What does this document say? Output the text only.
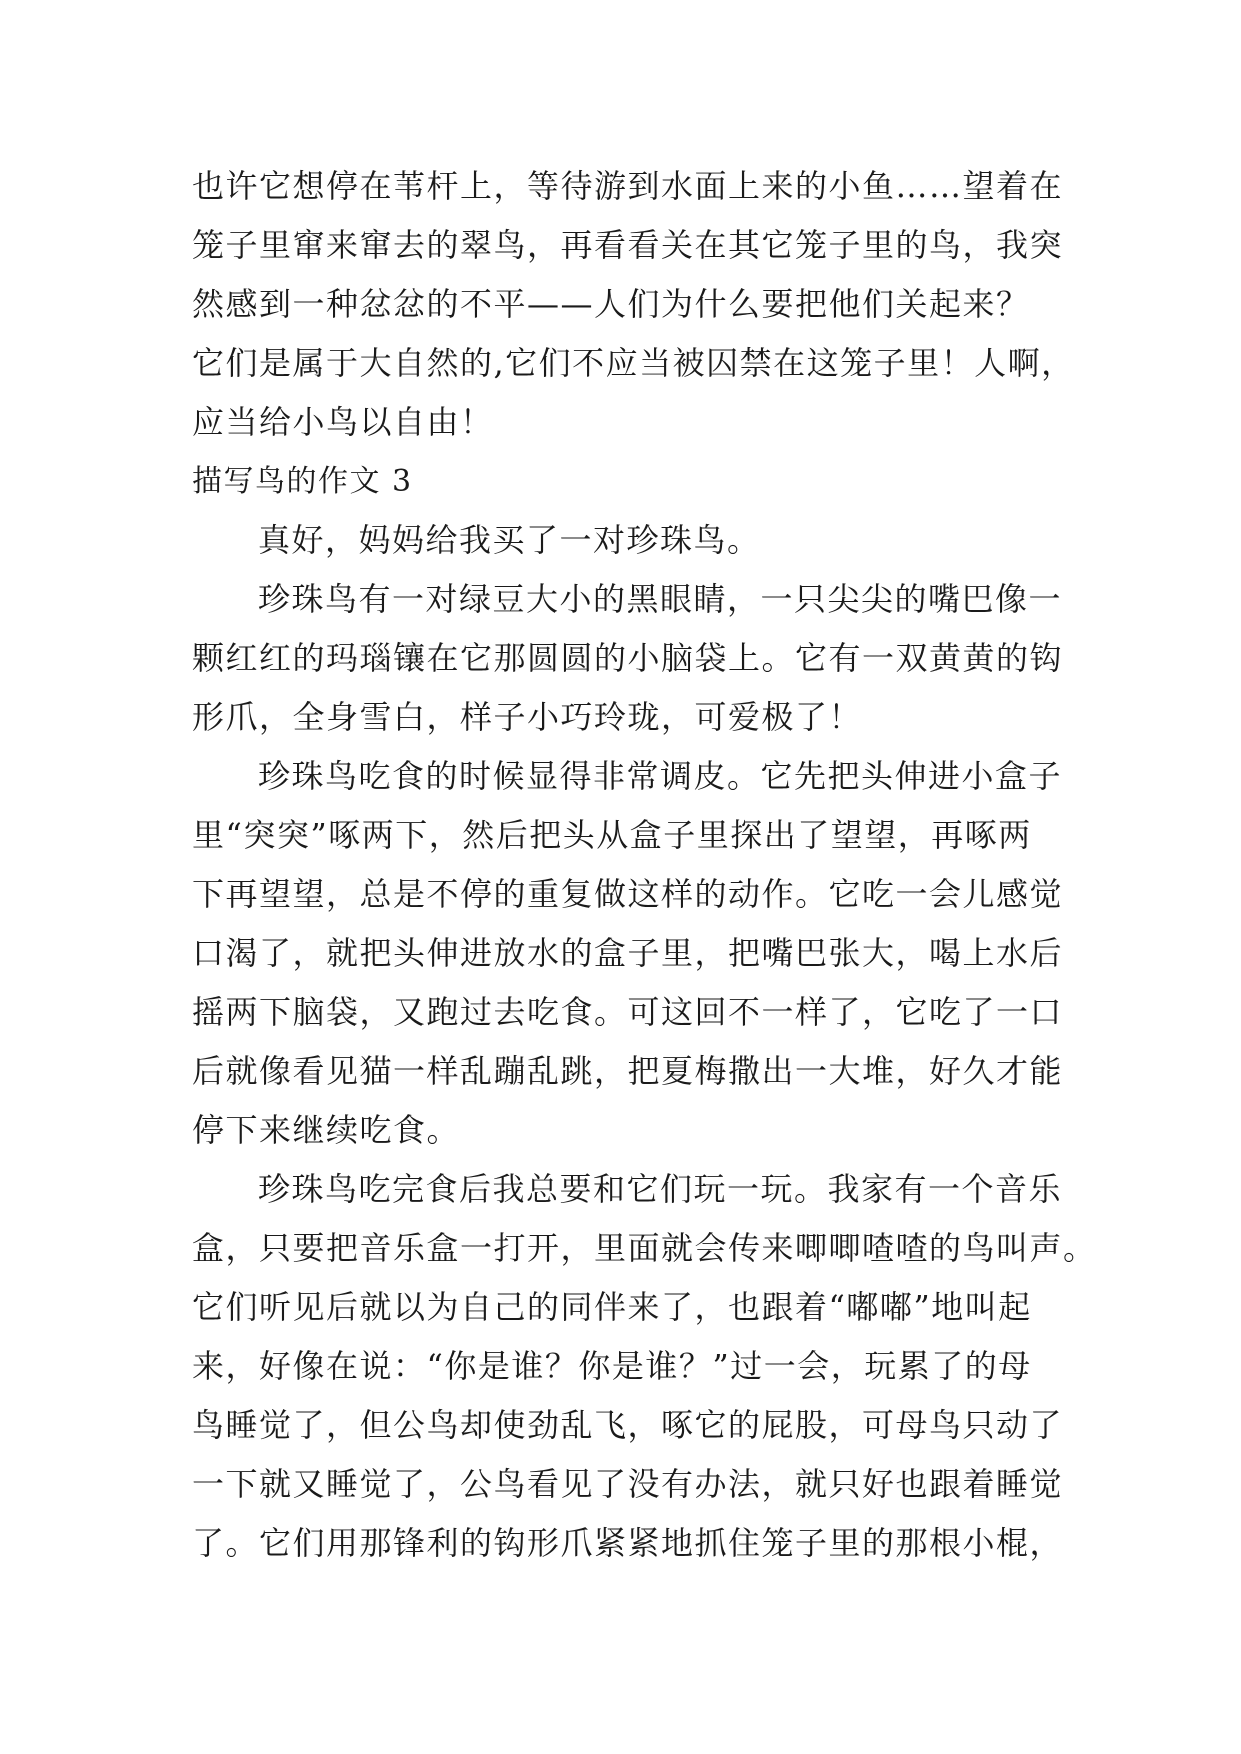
也许它想停在苇杆上，等待游到水面上来的小鱼……望着在
笼子里窜来窜去的翠鸟，再看看关在其它笼子里的鸟，我突
然感到一种忿忿的不平——人们为什么要把他们关起来？
它们是属于大自然的,它们不应当被囚禁在这笼子里！人啊，
应当给小鸟以自由！
描写鸟的作文 3
真好，妈妈给我买了一对珍珠鸟。
珍珠鸟有一对绿豆大小的黑眼睛，一只尖尖的嘴巴像一
颗红红的玛瑙镶在它那圆圆的小脑袋上。它有一双黄黄的钩
形爪，全身雪白，样子小巧玲珑，可爱极了！
珍珠鸟吃食的时候显得非常调皮。它先把头伸进小盒子
里“突突”啄两下，然后把头从盒子里探出了望望，再啄两
下再望望，总是不停的重复做这样的动作。它吃一会儿感觉
口渴了，就把头伸进放水的盒子里，把嘴巴张大，喝上水后
摇两下脑袋，又跑过去吃食。可这回不一样了，它吃了一口
后就像看见猫一样乱蹦乱跳，把夏梅撒出一大堆，好久才能
停下来继续吃食。
珍珠鸟吃完食后我总要和它们玩一玩。我家有一个音乐
盒，只要把音乐盒一打开，里面就会传来唧唧喳喳的鸟叫声。
它们听见后就以为自己的同伴来了，也跟着“嘟嘟”地叫起
来，好像在说：“你是谁？你是谁？”过一会，玩累了的母
鸟睡觉了，但公鸟却使劲乱飞，啄它的屁股，可母鸟只动了
一下就又睡觉了，公鸟看见了没有办法，就只好也跟着睡觉
了。它们用那锋利的钩形爪紧紧地抓住笼子里的那根小棍，
